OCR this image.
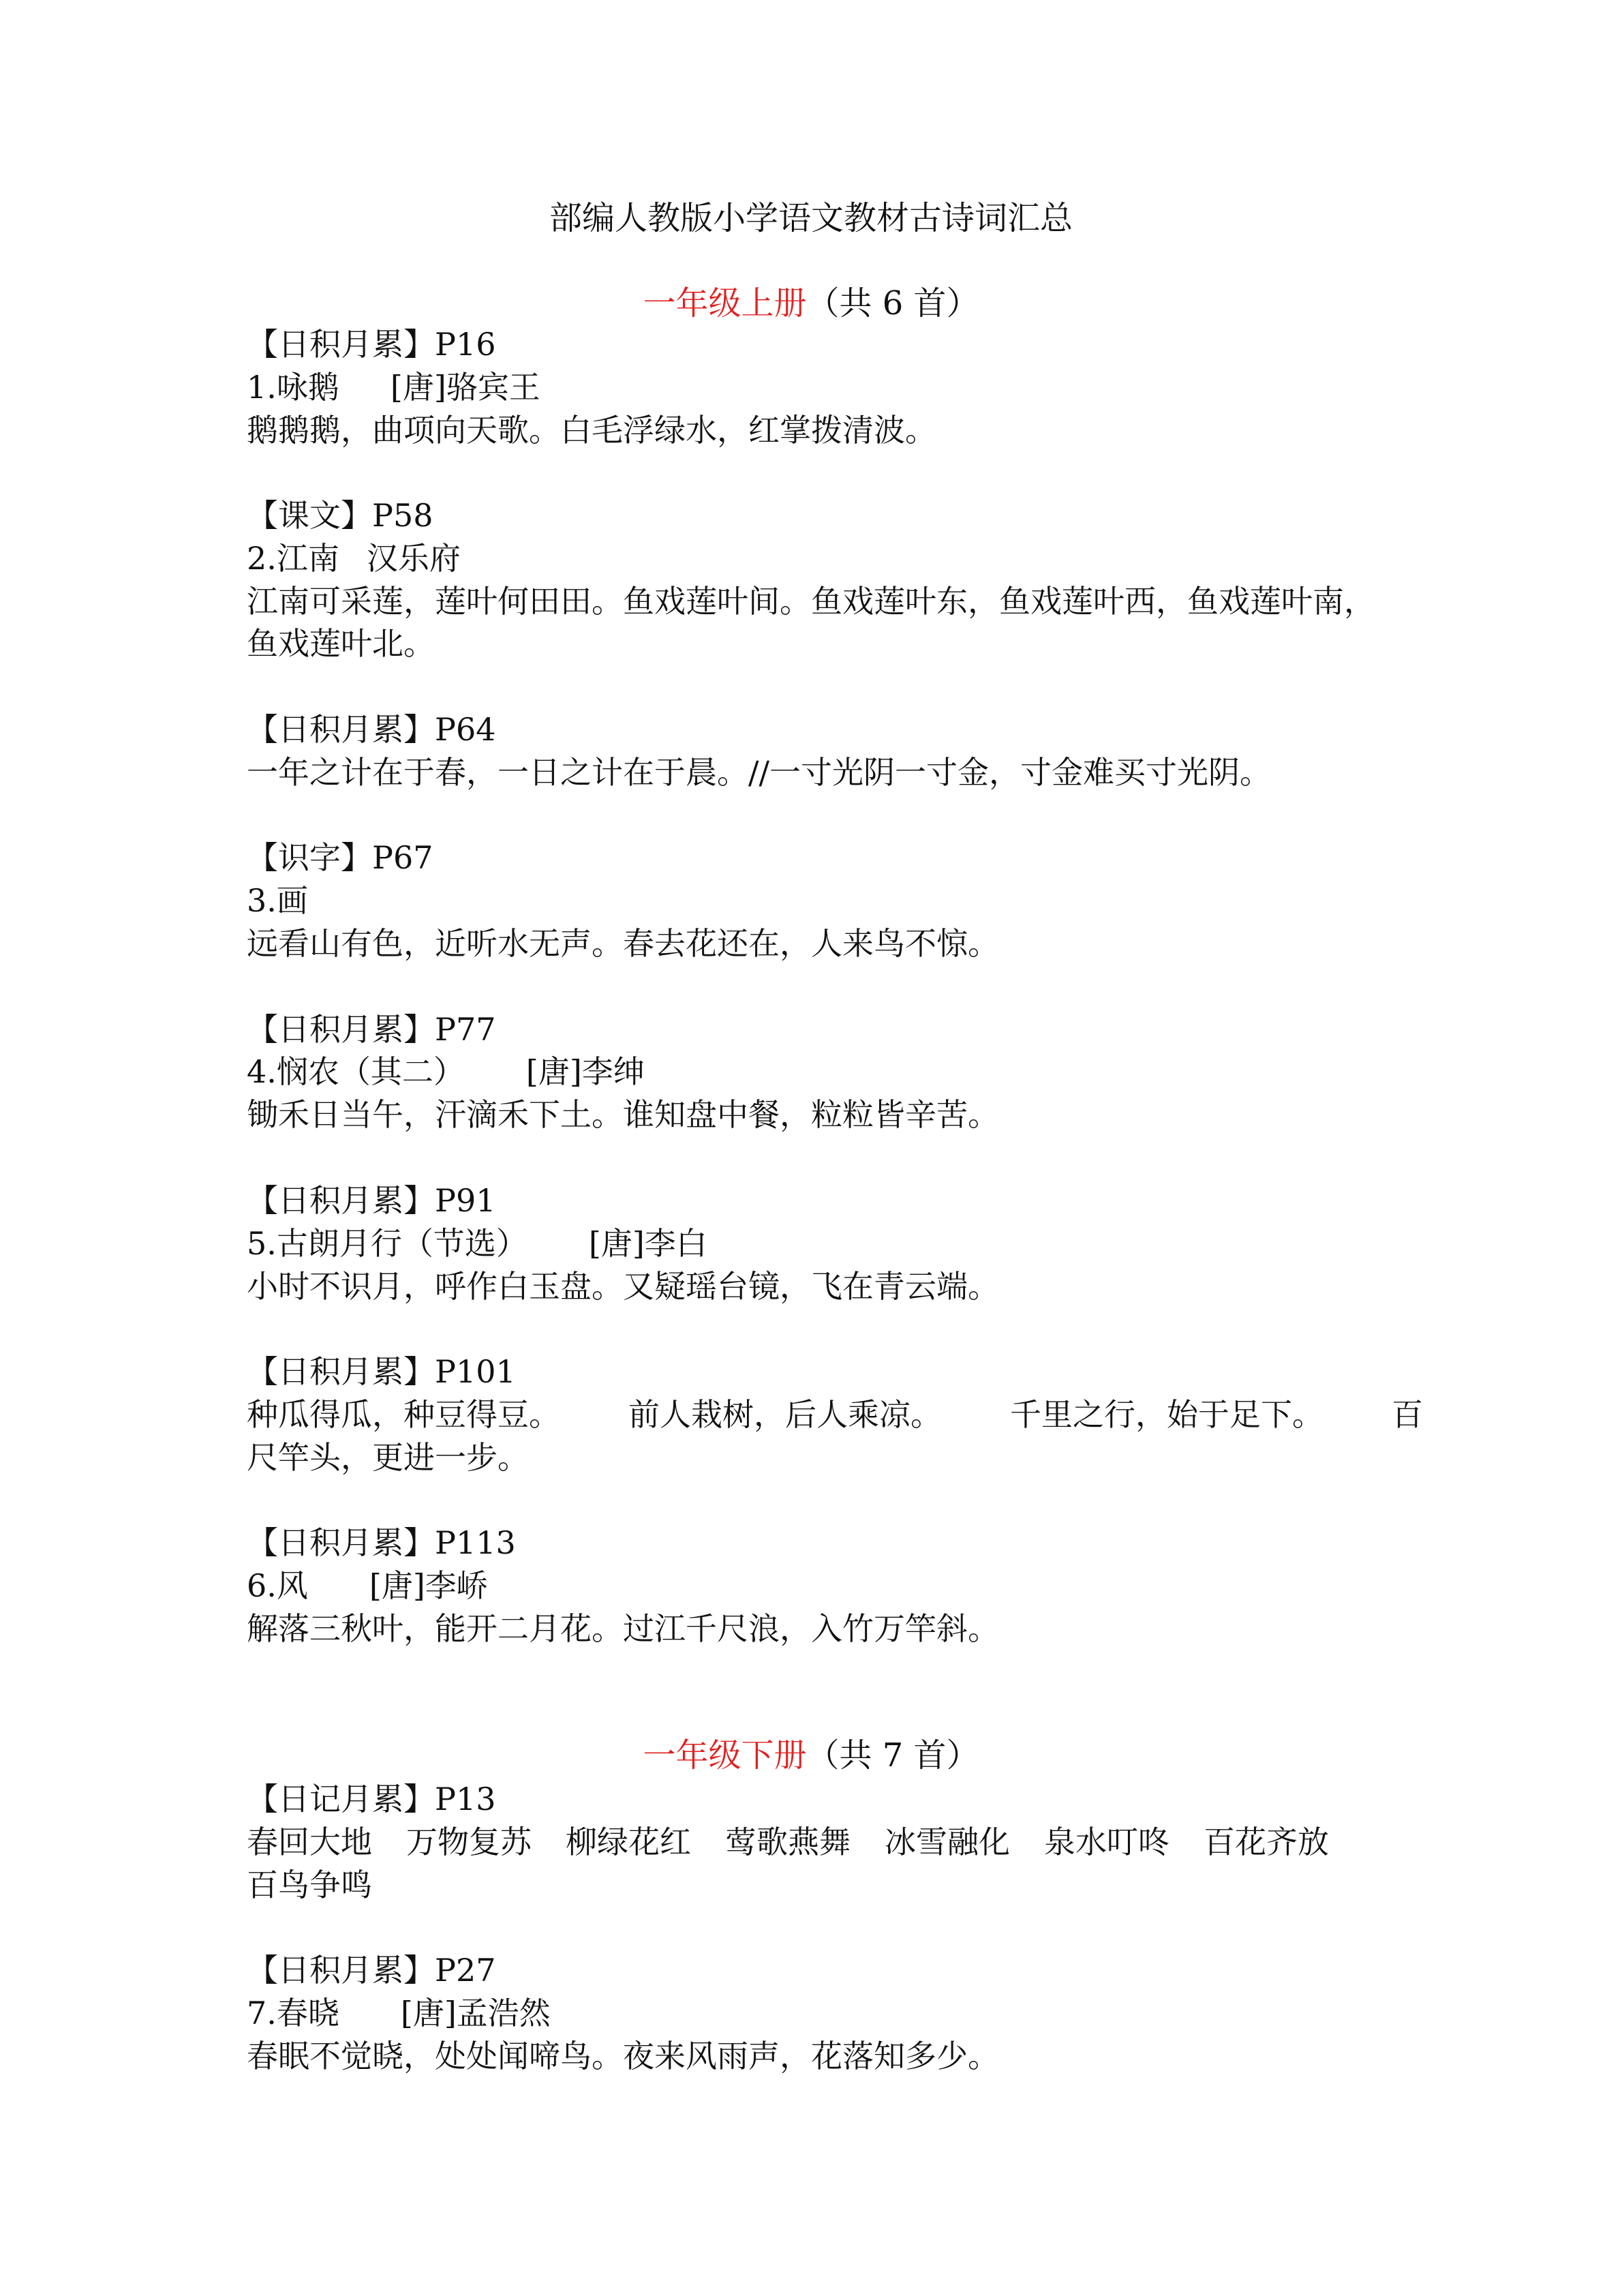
部编人教版小学语文教材古诗词汇总
一年级上册（共 6 首）
【日积月累】P16
1.咏鹅 [唐]骆宾王
鹅鹅鹅，曲项向天歌。白毛浮绿水，红掌拨清波。
【课文】P58
2.江南 汉乐府
江南可采莲，莲叶何田田。鱼戏莲叶间。鱼戏莲叶东，鱼戏莲叶西，鱼戏莲叶南，
鱼戏莲叶北。
【日积月累】P64
一年之计在于春，一日之计在于晨。//一寸光阴一寸金，寸金难买寸光阴。
【识字】P67
3.画
远看山有色，近听水无声。春去花还在，人来鸟不惊。
【日积月累】P77
4.悯农（其二） [唐]李绅
锄禾日当午，汗滴禾下土。谁知盘中餐，粒粒皆辛苦。
【日积月累】P91
5.古朗月行（节选） [唐]李白
小时不识月，呼作白玉盘。又疑瑶台镜，飞在青云端。
【日积月累】P101
种瓜得瓜，种豆得豆。 前人栽树，后人乘凉。 千里之行，始于足下。 百
尺竿头，更进一步。
【日积月累】P113
6.风 [唐]李峤
解落三秋叶，能开二月花。过江千尺浪，入竹万竿斜。
一年级下册（共 7 首）
【日记月累】P13
春回大地 万物复苏 柳绿花红 莺歌燕舞 冰雪融化 泉水叮咚 百花齐放
百鸟争鸣
【日积月累】P27
7.春晓 [唐]孟浩然
春眠不觉晓，处处闻啼鸟。夜来风雨声，花落知多少。
